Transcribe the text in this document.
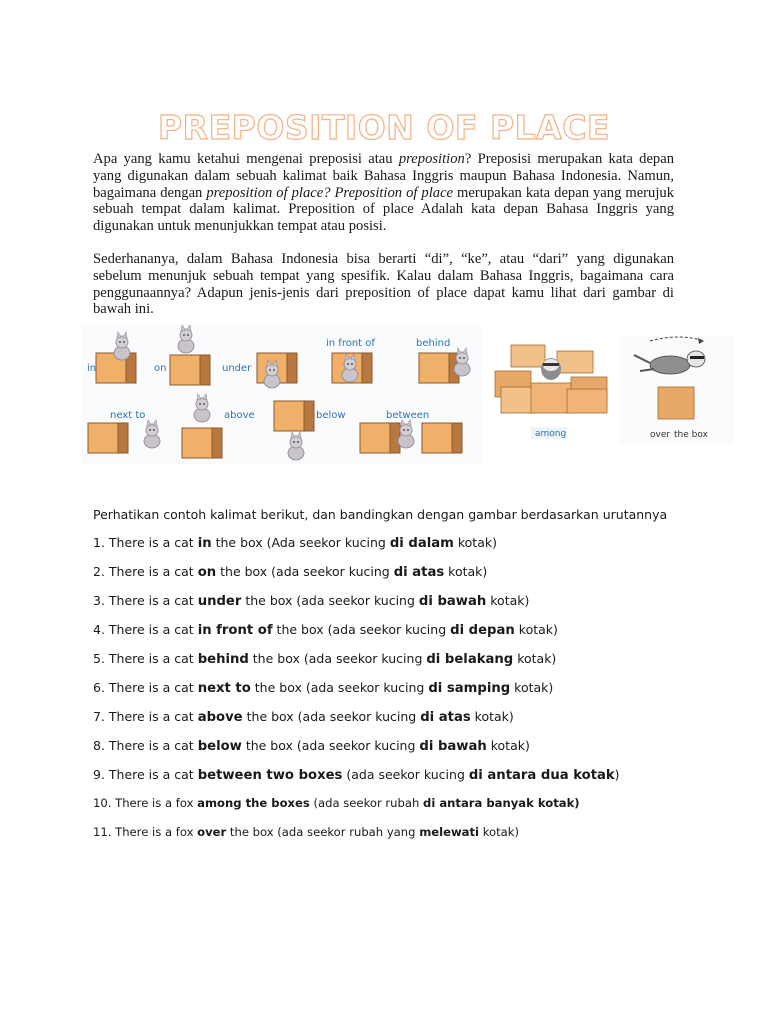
PREPOSITION OF PLACE

Apa yang kamu ketahui mengenai preposisi atau preposition? Preposisi merupakan kata depan yang digunakan dalam sebuah kalimat baik Bahasa Inggris maupun Bahasa Indonesia. Namun, bagaimana dengan preposition of place? Preposition of place merupakan kata depan yang merujuk sebuah tempat dalam kalimat. Preposition of place Adalah kata depan Bahasa Inggris yang digunakan untuk menunjukkan tempat atau posisi.

Sederhananya, dalam Bahasa Indonesia bisa berarti “di”, “ke”, atau “dari” yang digunakan sebelum menunjuk sebuah tempat yang spesifik. Kalau dalam Bahasa Inggris, bagaimana cara penggunaannya? Adapun jenis-jenis dari preposition of place dapat kamu lihat dari gambar di bawah ini.

in	on	under
in front of	behind
next to	above	below	between
among	over the box

Perhatikan contoh kalimat berikut, dan bandingkan dengan gambar berdasarkan urutannya

1. There is a cat in the box (Ada seekor kucing di dalam kotak)

2. There is a cat on the box (ada seekor kucing di atas kotak)

3. There is a cat under the box (ada seekor kucing di bawah kotak)

4. There is a cat in front of the box (ada seekor kucing di depan kotak)

5. There is a cat behind the box (ada seekor kucing di belakang kotak)

6. There is a cat next to the box (ada seekor kucing di samping kotak)

7. There is a cat above the box (ada seekor kucing di atas kotak)

8. There is a cat below the box (ada seekor kucing di bawah kotak)

9. There is a cat between two boxes (ada seekor kucing di antara dua kotak)

10. There is a fox among the boxes (ada seekor rubah di antara banyak kotak)

11. There is a fox over the box (ada seekor rubah yang melewati kotak)
